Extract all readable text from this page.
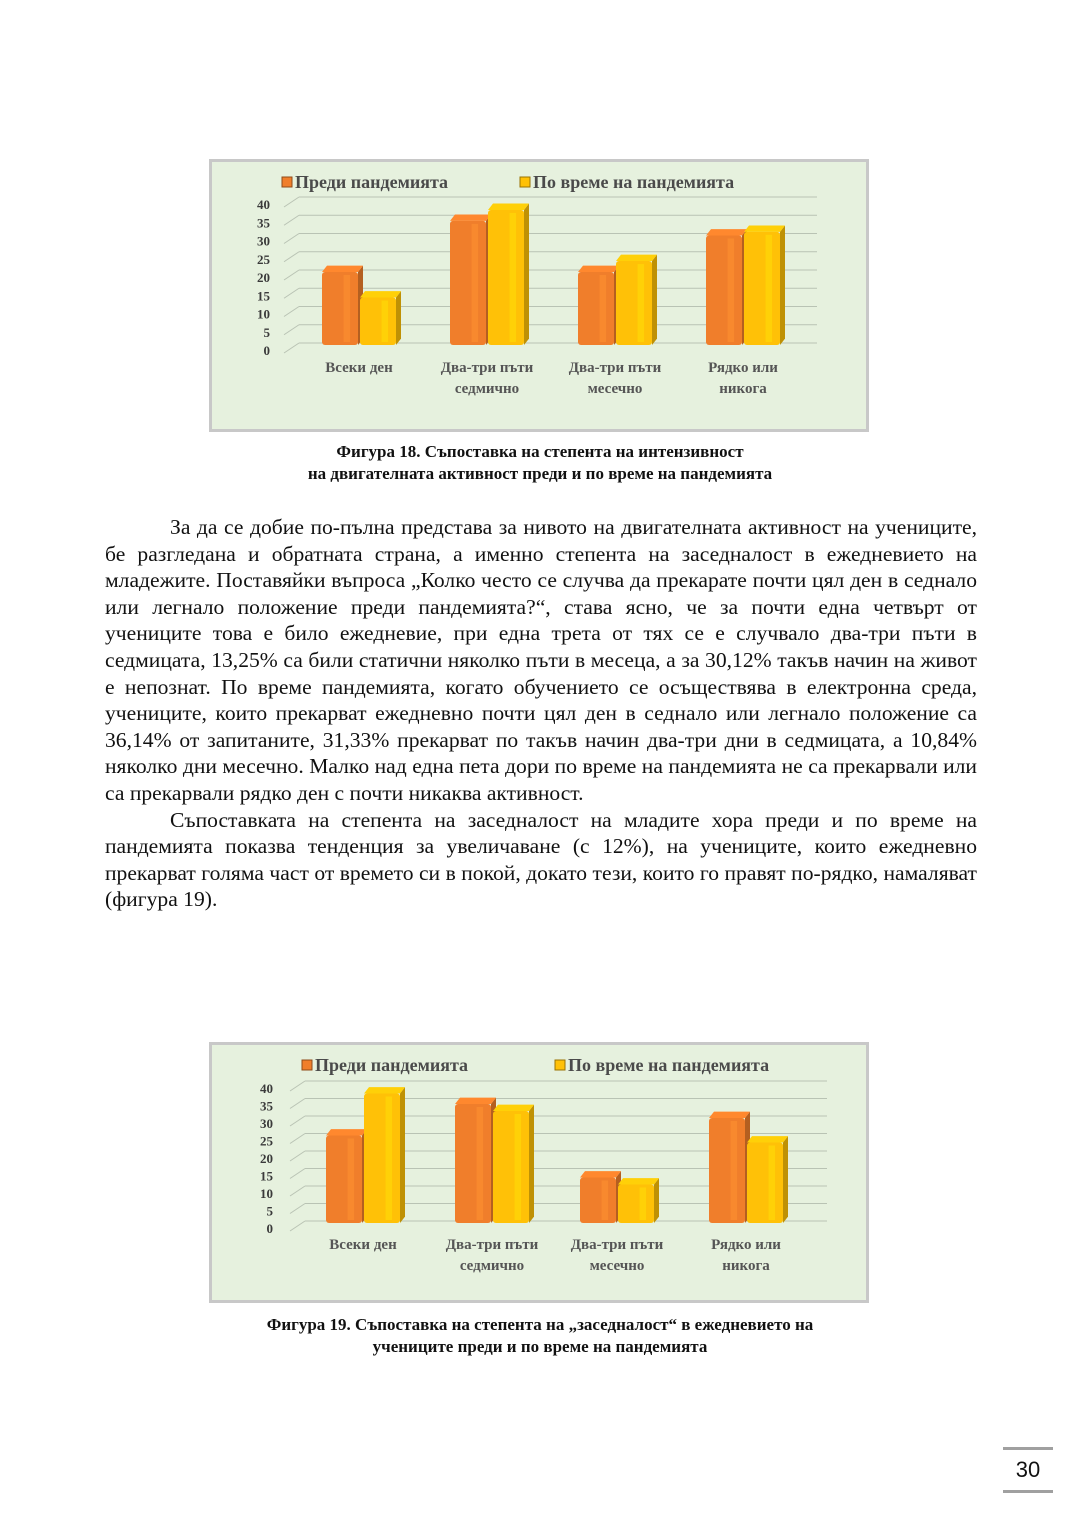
0
5
10
15
20
25
30
35
40
Преди пандемията	По време на пандемията
Всеки ден	Два-три пъти
седмично
Два-три пъти
месечно
Рядко или
никога
Фигура 18. Съпоставка на степента на интензивност
на двигателната активност преди и по време на пандемията

За да се добие по-пълна представа за нивото на двигателната активност на учениците, бе разгледана и обратната страна, а именно степента на заседналост в ежедневието на младежите. Поставяйки въпроса „Колко често се случва да прекарате почти цял ден в седнало или легнало положение преди пандемията?“, става ясно, че за почти една четвърт от учениците това е било ежедневие, при една трета от тях се е случвало два-три пъти в седмицата, 13,25% са били статични няколко пъти в месеца, а за 30,12% такъв начин на живот е непознат. По време пандемията, когато обучението се осъществява в електронна среда, учениците, които прекарват ежедневно почти цял ден в седнало или легнало положение са 36,14% от запитаните, 31,33% прекарват по такъв начин два-три дни в седмицата, а 10,84% няколко дни месечно. Малко над една пета дори по време на пандемията не са прекарвали или са прекарвали рядко ден с почти никаква активност.

Съпоставката на степента на заседналост на младите хора преди и по време на пандемията показва тенденция за увеличаване (с 12%), на учениците, които ежедневно прекарват голяма част от времето си в покой, докато тези, които го правят по-рядко, намаляват (фигура 19).

0
5
10
15
20
25
30
35
40
Преди пандемията	По време на пандемията
Всеки ден	Два-три пъти
седмично
Два-три пъти
месечно
Рядко или
никога
Фигура 19. Съпоставка на степента на „заседналост“ в ежедневието на
учениците преди и по време на пандемията
30
